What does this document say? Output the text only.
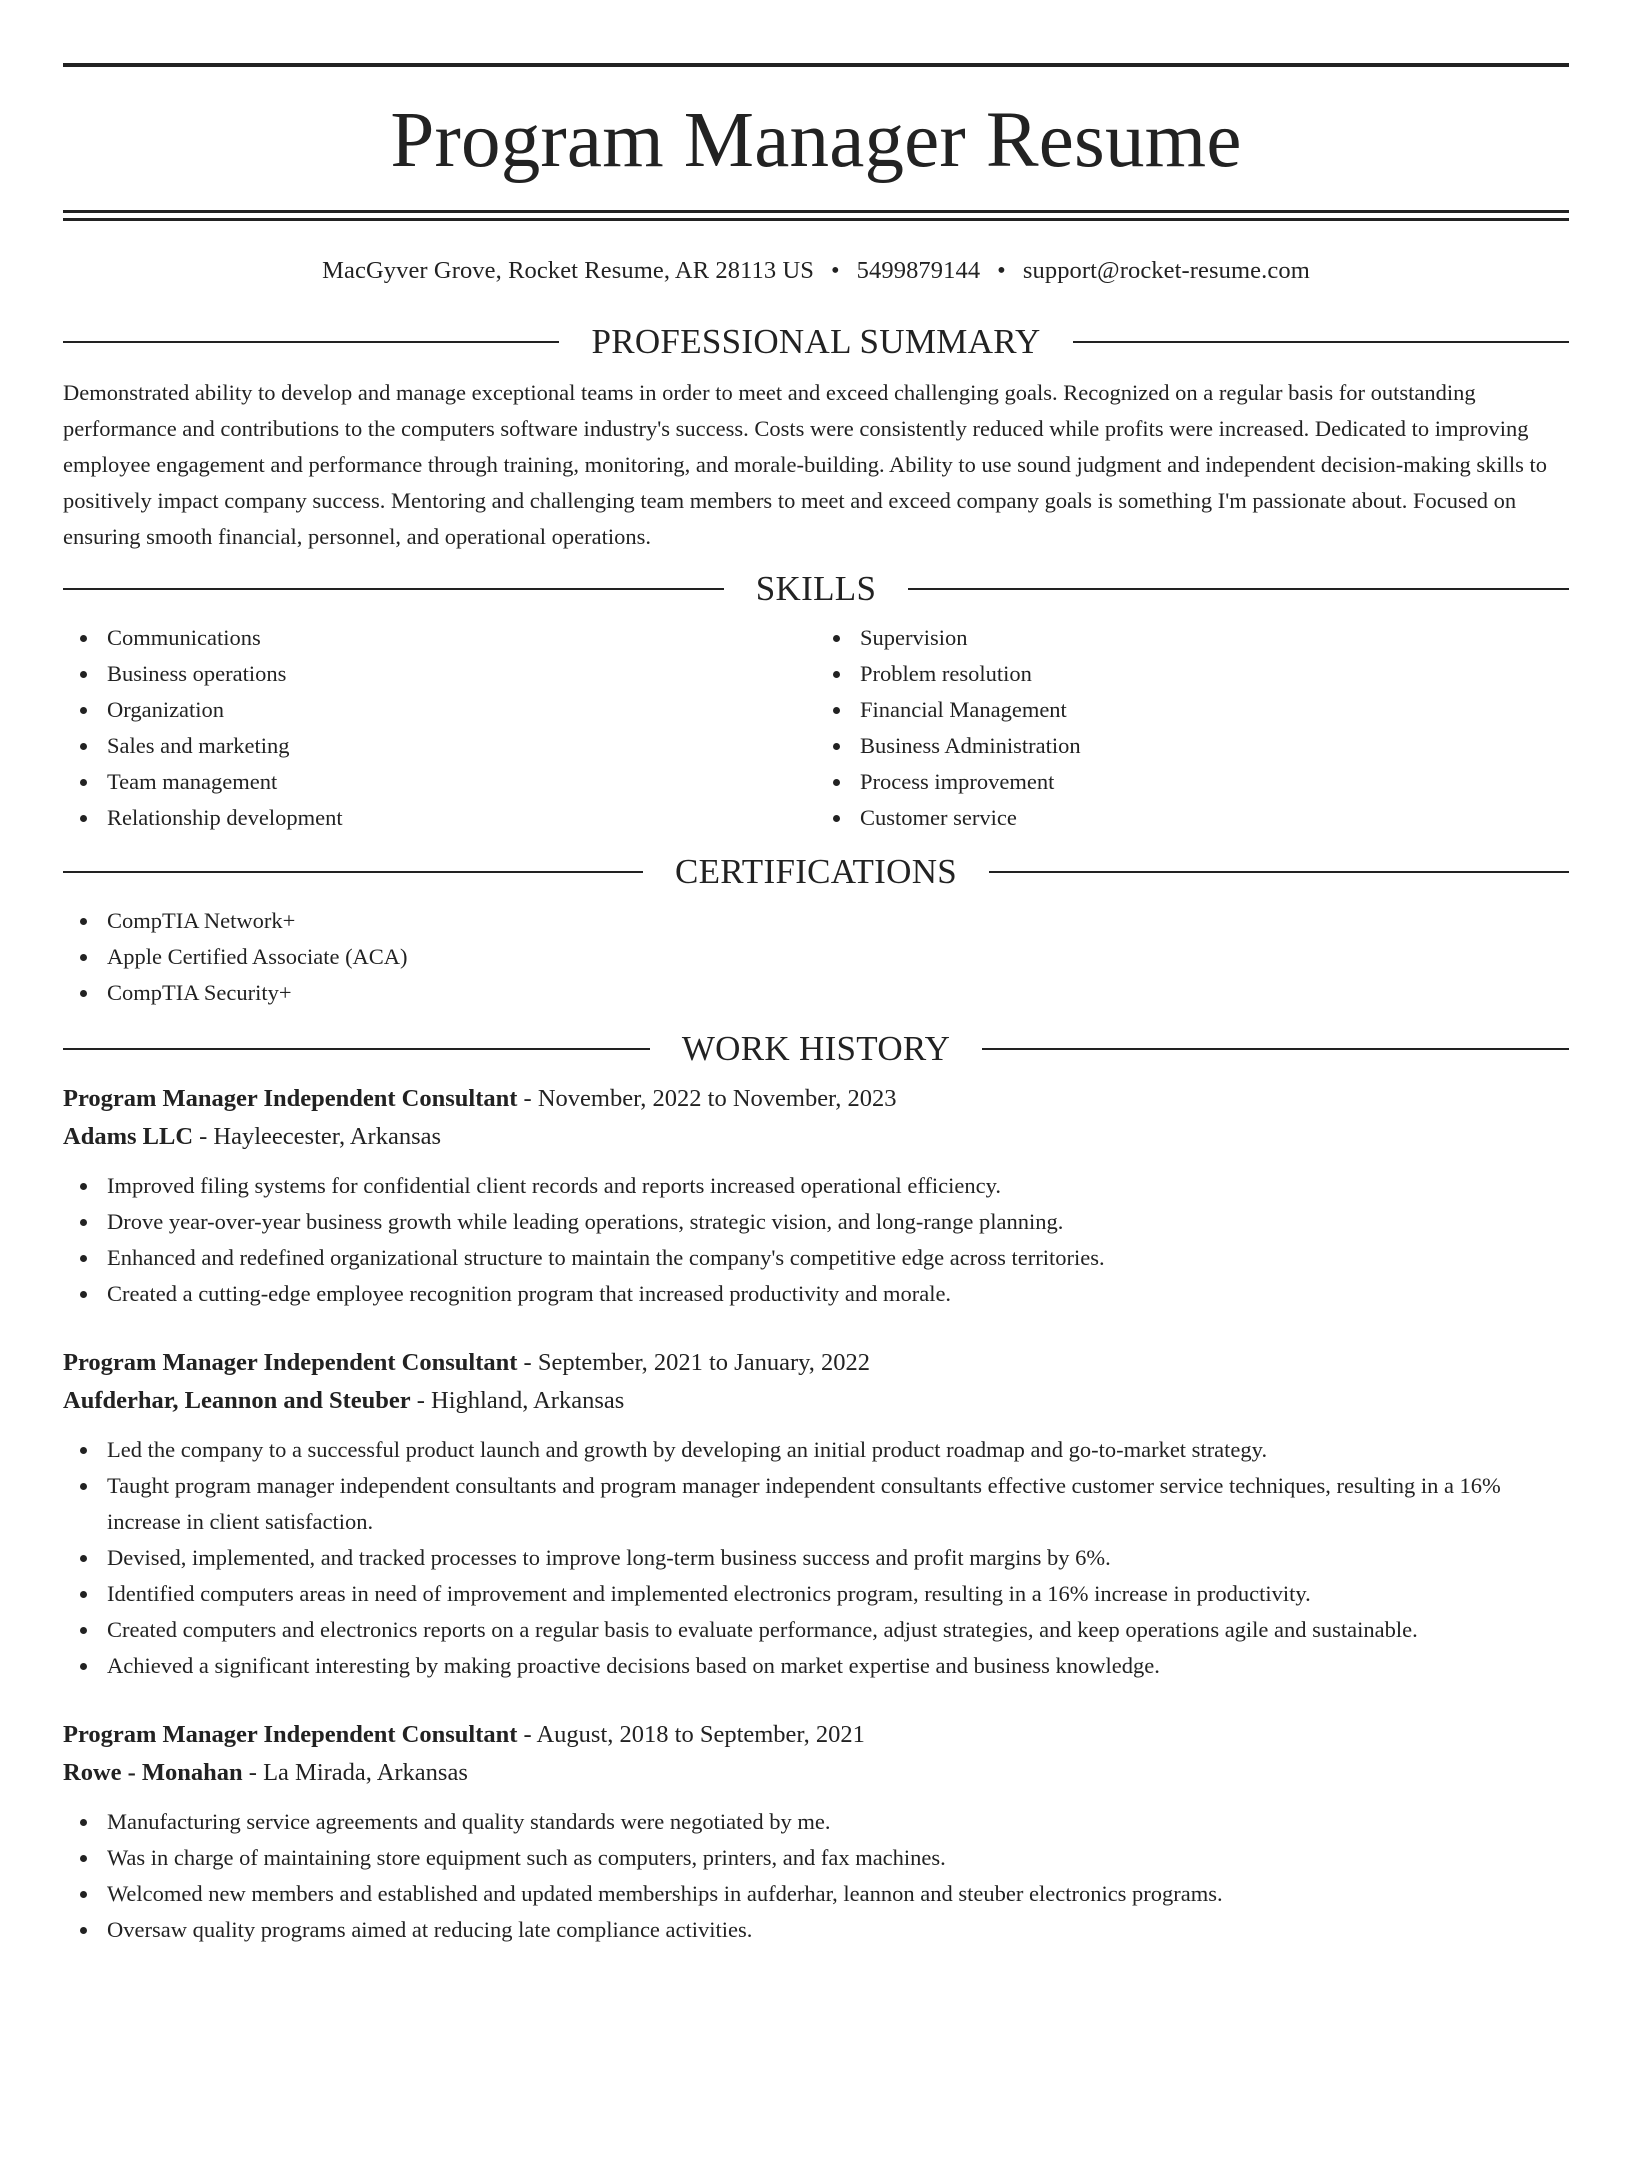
Program Manager Resume
MacGyver Grove, Rocket Resume, AR 28113 US • 5499879144 • support@rocket-resume.com
PROFESSIONAL SUMMARY

Demonstrated ability to develop and manage exceptional teams in order to meet and exceed challenging goals. Recognized on a regular basis for outstanding performance and contributions to the computers software industry's success. Costs were consistently reduced while profits were increased. Dedicated to improving employee engagement and performance through training, monitoring, and morale-building. Ability to use sound judgment and independent decision-making skills to positively impact company success. Mentoring and challenging team members to meet and exceed company goals is something I'm passionate about. Focused on ensuring smooth financial, personnel, and operational operations.

SKILLS
Communications
Business operations
Organization
Sales and marketing
Team management
Relationship development
Supervision
Problem resolution
Financial Management
Business Administration
Process improvement
Customer service
CERTIFICATIONS
CompTIA Network+
Apple Certified Associate (ACA)
CompTIA Security+
WORK HISTORY
Program Manager Independent Consultant - November, 2022 to November, 2023
Adams LLC - Hayleecester, Arkansas
Improved filing systems for confidential client records and reports increased operational efficiency.
Drove year-over-year business growth while leading operations, strategic vision, and long-range planning.
Enhanced and redefined organizational structure to maintain the company's competitive edge across territories.
Created a cutting-edge employee recognition program that increased productivity and morale.
Program Manager Independent Consultant - September, 2021 to January, 2022
Aufderhar, Leannon and Steuber - Highland, Arkansas
Led the company to a successful product launch and growth by developing an initial product roadmap and go-to-market strategy.
Taught program manager independent consultants and program manager independent consultants effective customer service techniques, resulting in a 16% increase in client satisfaction.
Devised, implemented, and tracked processes to improve long-term business success and profit margins by 6%.
Identified computers areas in need of improvement and implemented electronics program, resulting in a 16% increase in productivity.
Created computers and electronics reports on a regular basis to evaluate performance, adjust strategies, and keep operations agile and sustainable.
Achieved a significant interesting by making proactive decisions based on market expertise and business knowledge.
Program Manager Independent Consultant - August, 2018 to September, 2021
Rowe - Monahan - La Mirada, Arkansas
Manufacturing service agreements and quality standards were negotiated by me.
Was in charge of maintaining store equipment such as computers, printers, and fax machines.
Welcomed new members and established and updated memberships in aufderhar, leannon and steuber electronics programs.
Oversaw quality programs aimed at reducing late compliance activities.
